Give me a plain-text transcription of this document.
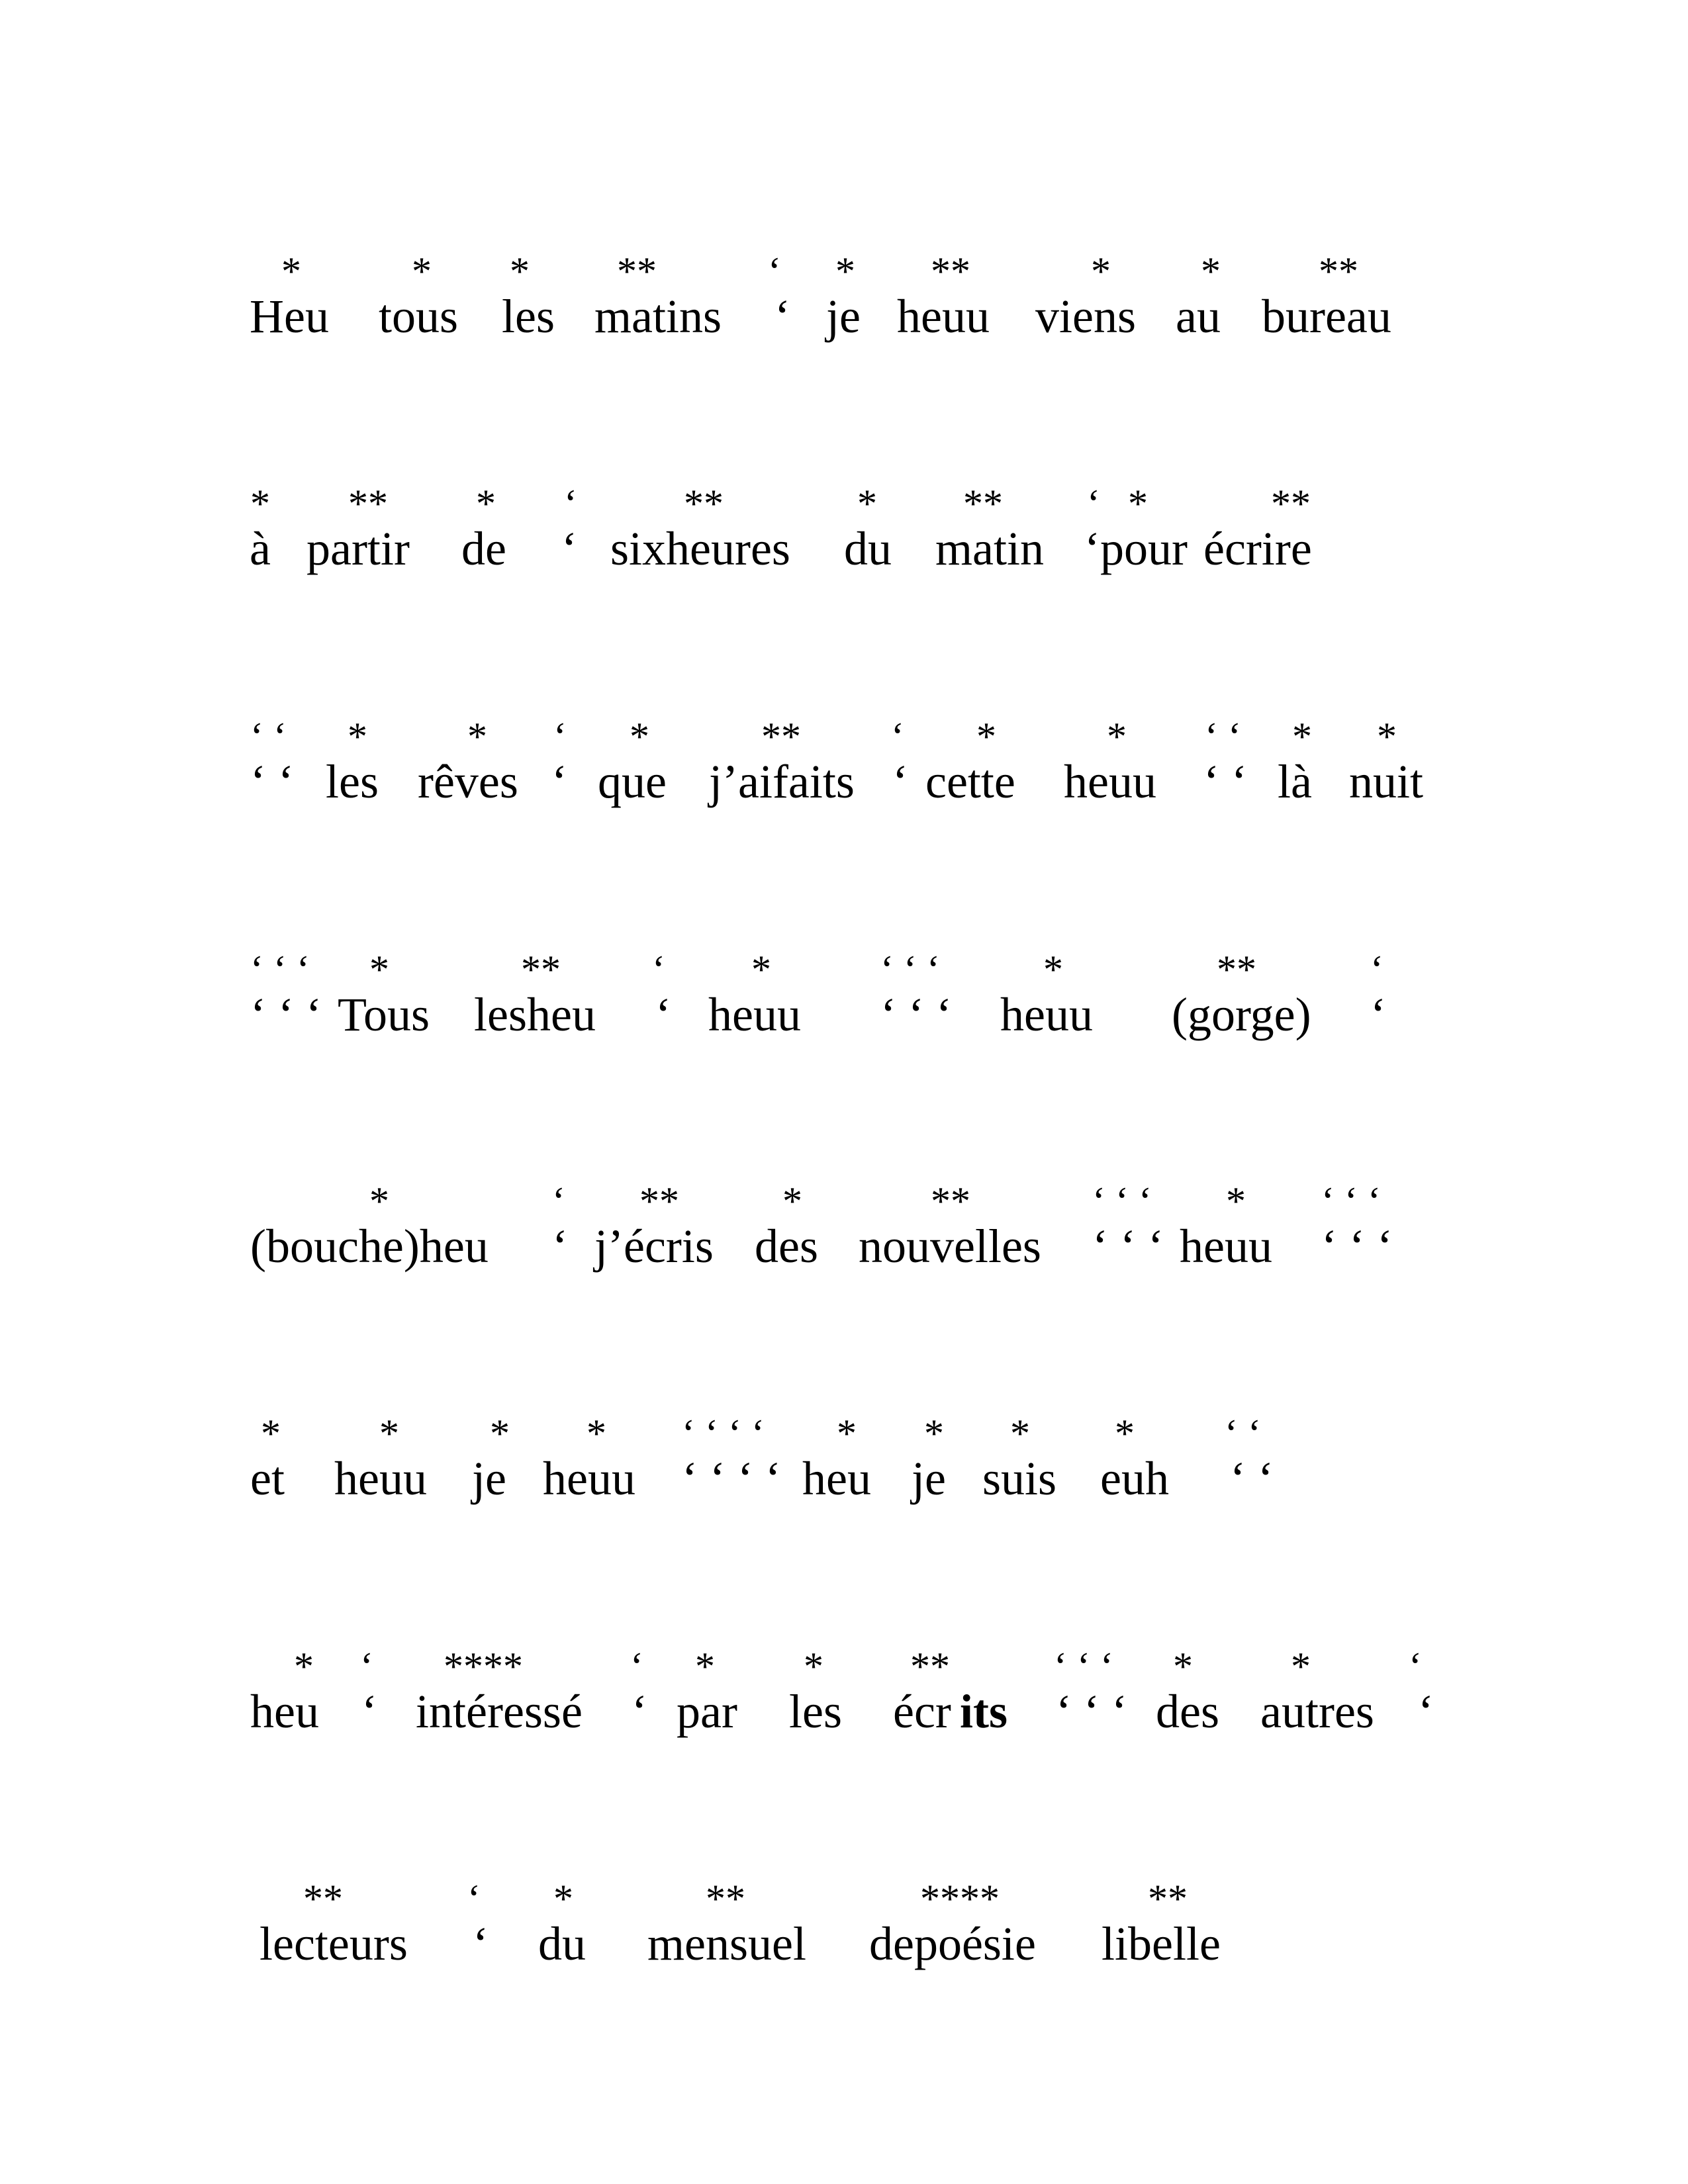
*	* * **	‘ * **	* * **
Heu tous les matins ‘ je heuu viens au bureau
* ** * ‘	**	* ** ‘ *	**
à partir de ‘ sixheures du matin ‘ pour écrire
‘ ‘ *	* ‘ *	** ‘ *	* ‘ ‘ * *
‘ ‘ les rêves ‘ que j’aifaits ‘ cette heuu ‘ ‘ là nuit
‘ ‘ ‘ *	** ‘ *	‘ ‘ ‘	*	**	‘
‘ ‘ ‘ Tous lesheu ‘ heuu ‘ ‘ ‘ heuu (gorge) ‘
*	‘ **	*	**	‘ ‘ ‘ * ‘ ‘ ‘
(bouche)heu ‘ j’écris des nouvelles ‘ ‘ ‘ heuu ‘ ‘ ‘
* * * * ‘ ‘ ‘ ‘ * * * * ‘ ‘
et heuu je heuu ‘ ‘ ‘ ‘ heu je suis euh ‘ ‘
* ‘ ****	‘ * * **	‘ ‘ ‘ * * ‘
heu ‘ intéressé ‘ par les écr its ‘ ‘ ‘ des autres ‘
**	‘ *	**	****	**
lecteurs ‘ du mensuel depoésie libelle
